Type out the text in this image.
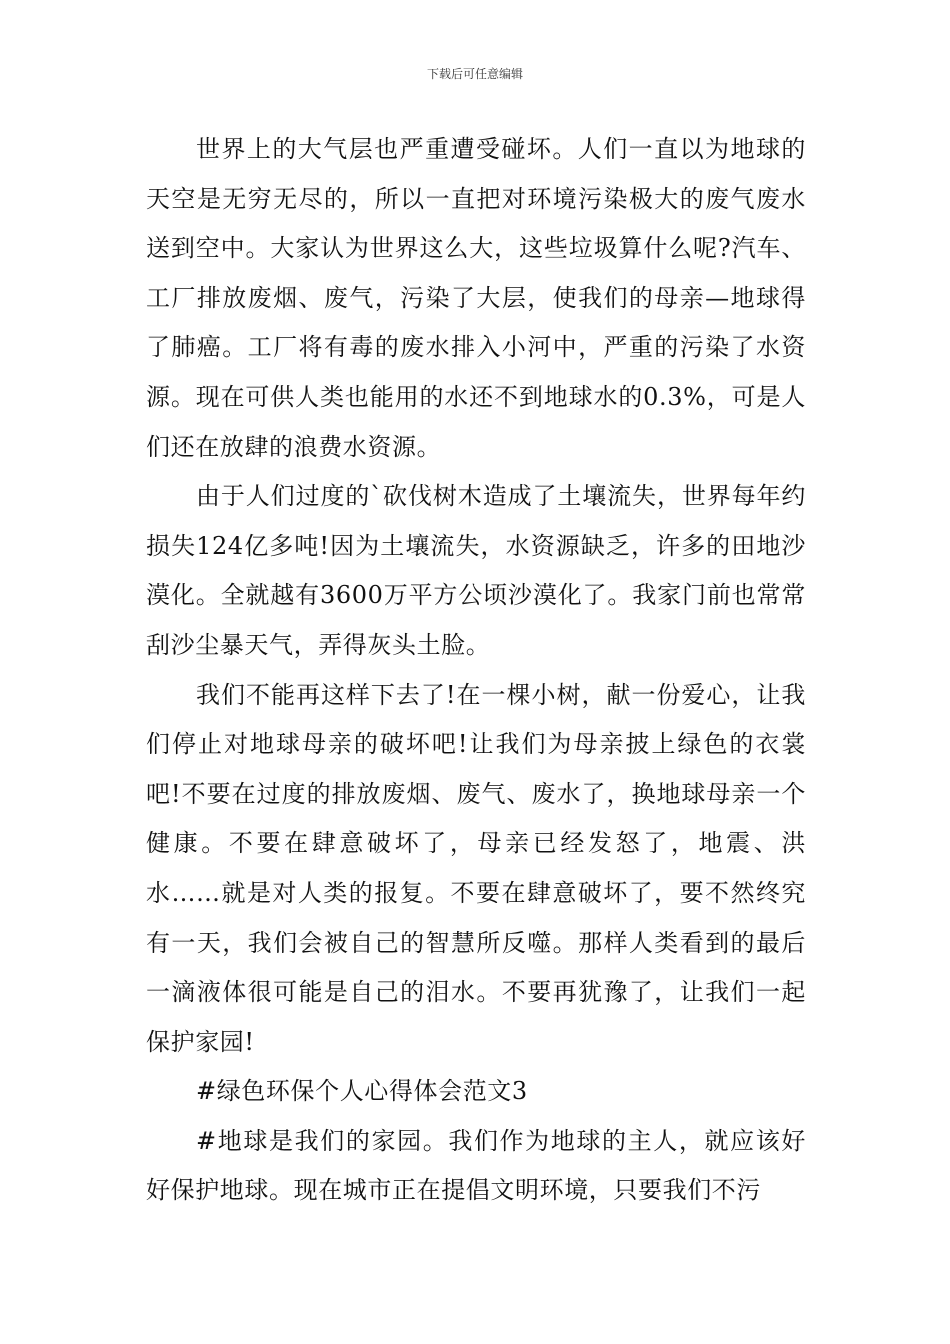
下载后可任意编辑

世界上的大气层也严重遭受碰坏。人们一直以为地球的天空是无穷无尽的，所以一直把对环境污染极大的废气废水送到空中。大家认为世界这么大，这些垃圾算什么呢?汽车、工厂排放废烟、废气，污染了大层，使我们的母亲—地球得了肺癌。工厂将有毒的废水排入小河中，严重的污染了水资源。现在可供人类也能用的水还不到地球水的0.3%，可是人们还在放肆的浪费水资源。

由于人们过度的`砍伐树木造成了土壤流失，世界每年约损失124亿多吨!因为土壤流失，水资源缺乏，许多的田地沙漠化。全就越有3600万平方公顷沙漠化了。我家门前也常常刮沙尘暴天气，弄得灰头土脸。

我们不能再这样下去了!在一棵小树，献一份爱心，让我们停止对地球母亲的破坏吧!让我们为母亲披上绿色的衣裳吧!不要在过度的排放废烟、废气、废水了，换地球母亲一个健康。不要在肆意破坏了，母亲已经发怒了，地震、洪水……就是对人类的报复。不要在肆意破坏了，要不然终究有一天，我们会被自己的智慧所反噬。那样人类看到的最后一滴液体很可能是自己的泪水。不要再犹豫了，让我们一起保护家园!

#绿色环保个人心得体会范文3

#地球是我们的家园。我们作为地球的主人，就应该好好保护地球。现在城市正在提倡文明环境，只要我们不污
